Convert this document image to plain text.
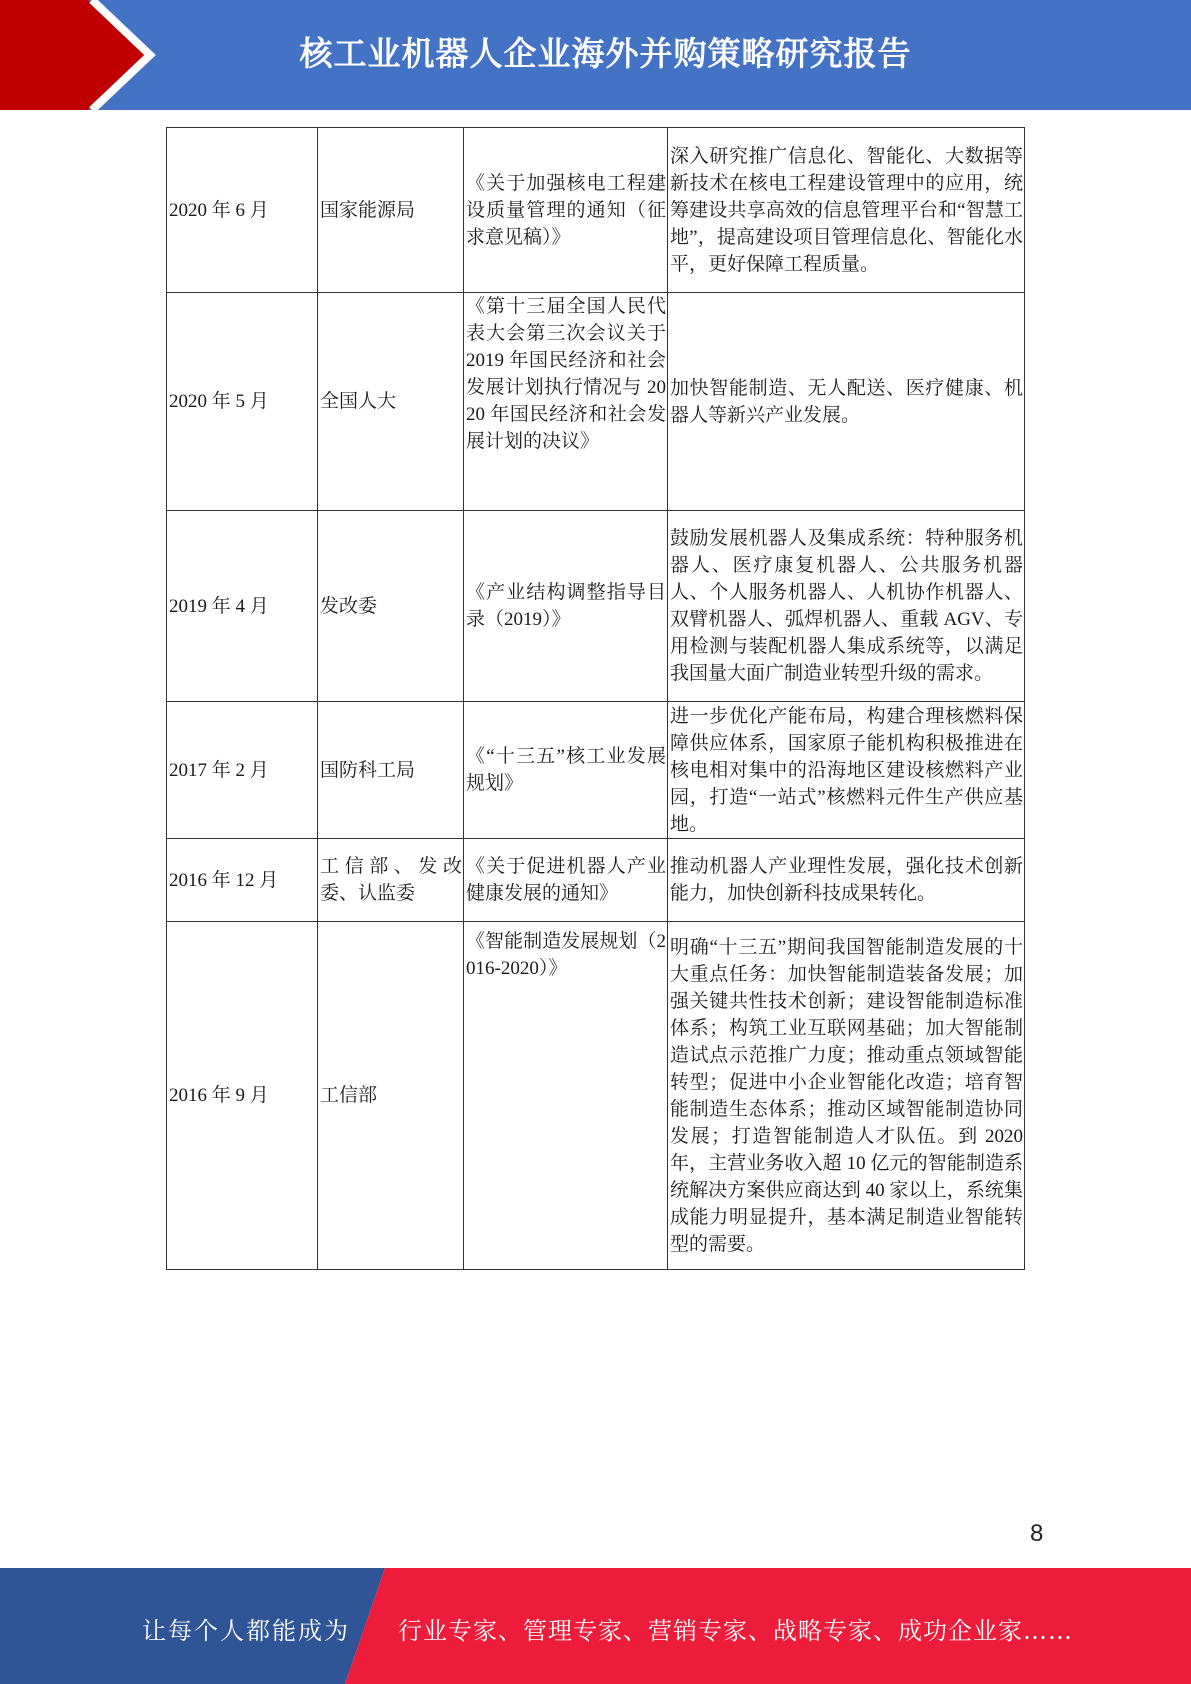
核工业机器人企业海外并购策略研究报告
2020 年 6 月	国家能源局	《关于加强核电工程建设质量管理的通知（征求意见稿）》	深入研究推广信息化、智能化、大数据等新技术在核电工程建设管理中的应用，统筹建设共享高效的信息管理平台和“智慧工地”，提高建设项目管理信息化、智能化水平，更好保障工程质量。
2020 年 5 月	全国人大	《第十三届全国人民代表大会第三次会议关于 2019 年国民经济和社会发展计划执行情况与 2020 年国民经济和社会发展计划的决议》	加快智能制造、无人配送、医疗健康、机器人等新兴产业发展。
2019 年 4 月	发改委	《产业结构调整指导目录（2019）》	鼓励发展机器人及集成系统：特种服务机器人、医疗康复机器人、公共服务机器人、个人服务机器人、人机协作机器人、双臂机器人、弧焊机器人、重载 AGV、专用检测与装配机器人集成系统等，以满足我国量大面广制造业转型升级的需求。
2017 年 2 月	国防科工局	《“十三五”核工业发展规划》	进一步优化产能布局，构建合理核燃料保障供应体系，国家原子能机构积极推进在核电相对集中的沿海地区建设核燃料产业园，打造“一站式”核燃料元件生产供应基地。
2016 年 12 月	工信部、发改委、认监委	《关于促进机器人产业健康发展的通知》	推动机器人产业理性发展，强化技术创新能力，加快创新科技成果转化。
2016 年 9 月	工信部	《智能制造发展规划（2016-2020）》	明确“十三五”期间我国智能制造发展的十大重点任务：加快智能制造装备发展；加强关键共性技术创新；建设智能制造标准体系；构筑工业互联网基础；加大智能制造试点示范推广力度；推动重点领域智能转型；促进中小企业智能化改造；培育智能制造生态体系；推动区域智能制造协同发展；打造智能制造人才队伍。到 2020 年，主营业务收入超 10 亿元的智能制造系统解决方案供应商达到 40 家以上，系统集成能力明显提升，基本满足制造业智能转型的需要。
8
让每个人都能成为 行业专家、管理专家、营销专家、战略专家、成功企业家……
